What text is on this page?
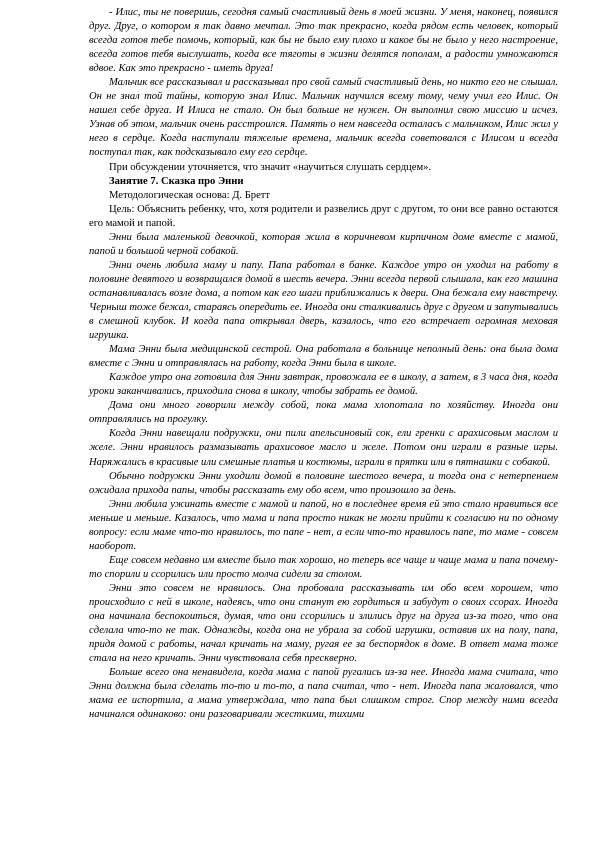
- Илис, ты не поверишь, сегодня самый счастливый день в моей жизни. У меня, наконец, появился друг. Друг, о котором я так давно мечтал. Это так прекрасно, когда рядом есть человек, который всегда готов тебе помочь, который, как бы не было ему плохо и какое бы не было у него настроение, всегда готов тебя выслушать, когда все тяготы в жизни делятся пополам, а радости умножаются вдвое. Как это прекрасно - иметь друга!

Мальчик все рассказывал и рассказывал про свой самый счастливый день, но никто его не слышал. Он не знал той тайны, которую знал Илис. Мальчик научился всему тому, чему учил его Илис. Он нашел себе друга. И Илиса не стало. Он был больше не нужен. Он выполнил свою миссию и исчез. Узнав об этом, мальчик очень расстроился. Память о нем навсегда осталась с мальчиком, Илис жил у него в сердце. Когда наступали тяжелые времена, мальчик всегда советовался с Илисом и всегда поступал так, как подсказывало ему его сердце.

При обсуждении уточняется, что значит «научиться слушать сердцем».

Занятие 7. Сказка про Энни

Методологическая основа: Д. Бретт

Цель: Объяснить ребенку, что, хотя родители и развелись друг с другом, то они все равно остаются его мамой и папой.

Энни была маленькой девочкой, которая жила в коричневом кирпичном доме вместе с мамой, папой и большой черной собакой.

Энни очень любила маму и папу. Папа работал в банке. Каждое утро он уходил на работу в половине девятого и возвращался домой в шесть вечера. Энни всегда первой слышала, как его машина останавливалась возле дома, а потом как его шаги приближались к двери. Она бежала ему навстречу. Черныш тоже бежал, стараясь опередить ее. Иногда они сталкивались друг с другом и запутывались в смешной клубок. И когда папа открывал дверь, казалось, что его встречает огромная меховая игрушка.

Мама Энни была медицинской сестрой. Она работала в больнице неполный день: она была дома вместе с Энни и отправлялась на работу, когда Энни была в школе.

Каждое утро она готовила для Энни завтрак, провожала ее в школу, а затем, в 3 часа дня, когда уроки заканчивались, приходила снова в школу, чтобы забрать ее домой.

Дома они много говорили между собой, пока мама хлопотала по хозяйству. Иногда они отправлялись на прогулку.

Когда Энни навещали подружки, они пили апельсиновый сок, ели гренки с арахисовым маслом и желе. Энни нравилось размазывать арахисовое масло и желе. Потом они играли в разные игры. Наряжались в красивые или смешные платья и костюмы, играли в прятки или в пятнашки с собакой.

Обычно подружки Энни уходили домой в половине шестого вечера, и тогда она с нетерпением ожидала прихода папы, чтобы рассказать ему обо всем, что произошло за день.

Энни любила ужинать вместе с мамой и папой, но в последнее время ей это стало нравиться все меньше и меньше. Казалось, что мама и папа просто никак не могли прийти к согласию ни по одному вопросу: если маме что-то нравилось, то папе - нет, а если что-то нравилось папе, то маме - совсем наоборот.

Еще совсем недавно им вместе было так хорошо, но теперь все чаще и чаще мама и папа почему-то спорили и ссорились или просто молча сидели за столом.

Энни это совсем не нравилось. Она пробовала рассказывать им обо всем хорошем, что происходило с ней в школе, надеясь, что они станут ею гордиться и забудут о своих ссорах. Иногда она начинала беспокоиться, думая, что они ссорились и злились друг на друга из-за того, что она сделала что-то не так. Однажды, когда она не убрала за собой игрушки, оставив их на полу, папа, придя домой с работы, начал кричать на маму, ругая ее за беспорядок в доме. В ответ мама тоже стала на него кричать. Энни чувствовала себя прескверно.

Больше всего она ненавидела, когда мама с папой ругались из-за нее. Иногда мама считала, что Энни должна была сделать то-то и то-то, а папа считал, что - нет. Иногда папа жаловался, что мама ее испортила, а мама утверждала, что папа был слишком строг. Спор между ними всегда начинался одинаково: они разговаривали жесткими, тихими
